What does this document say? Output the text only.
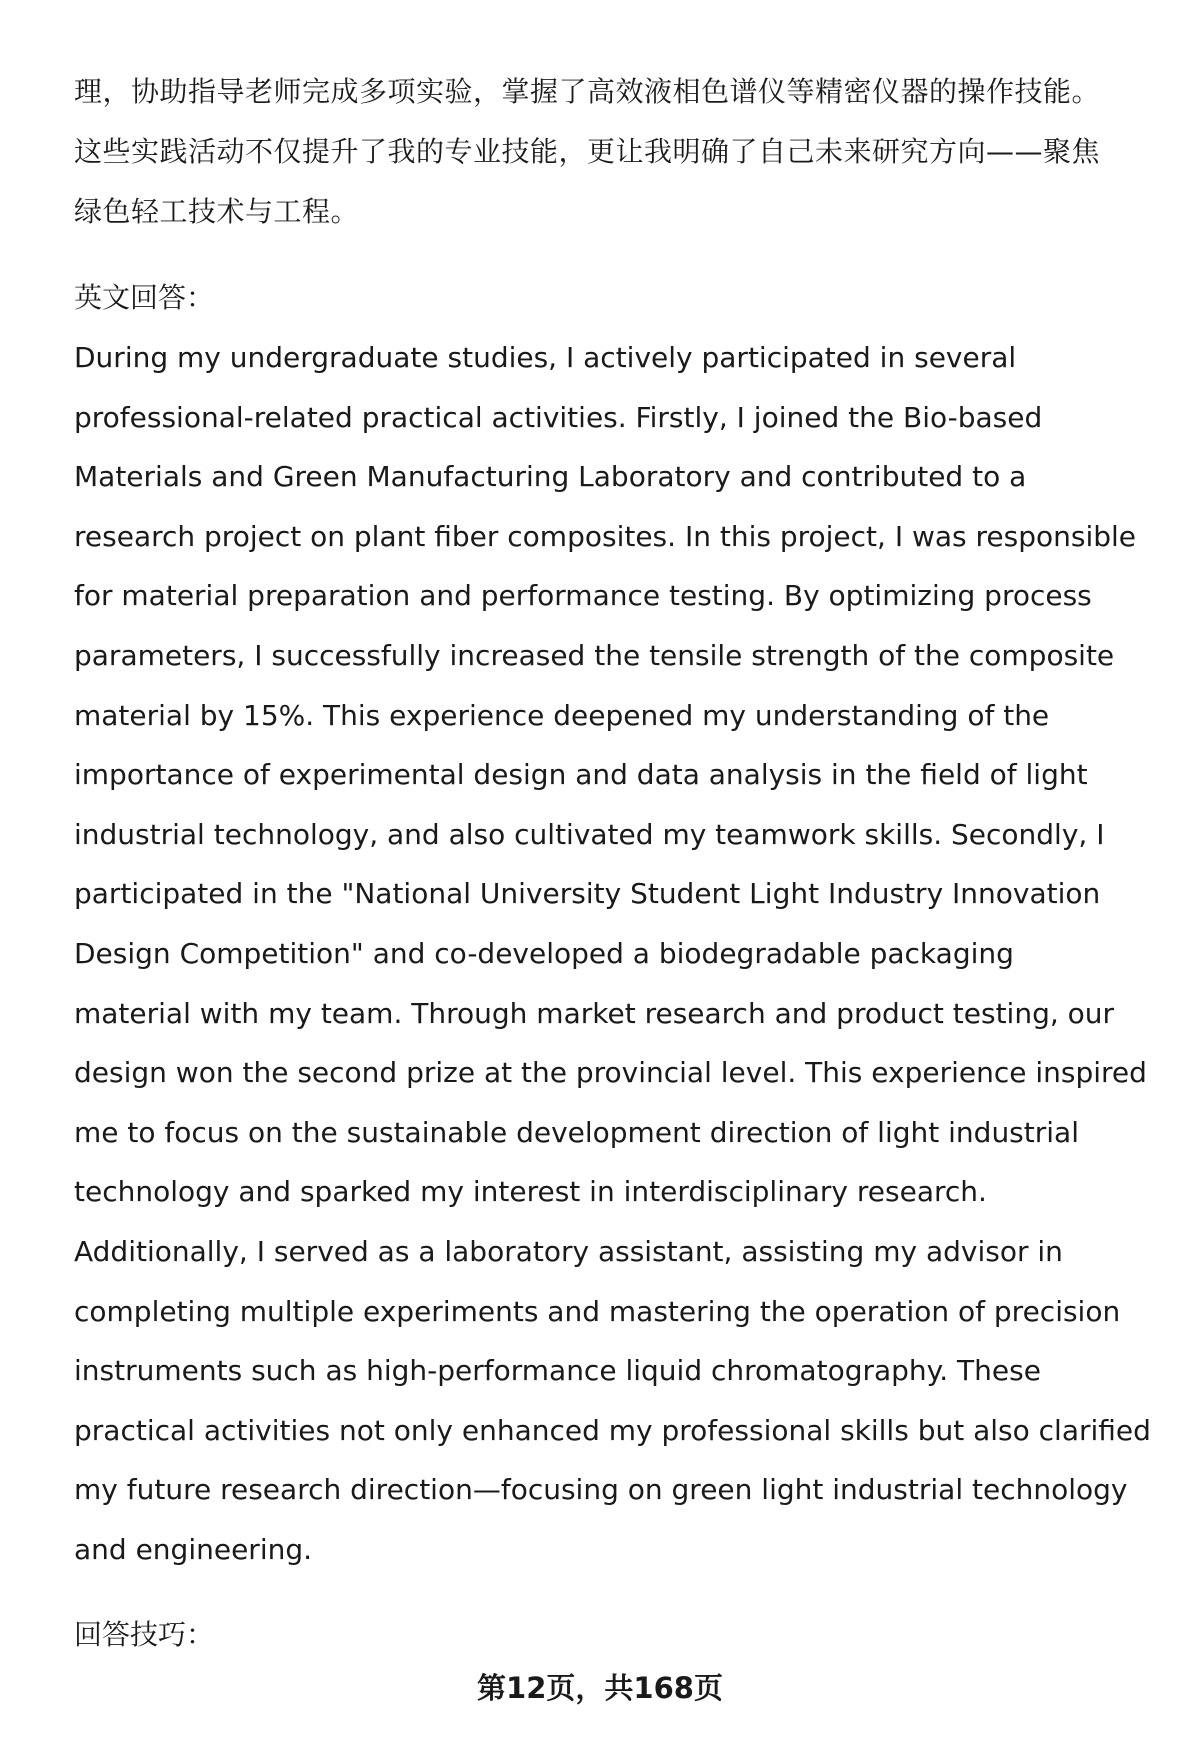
理，协助指导老师完成多项实验，掌握了高效液相色谱仪等精密仪器的操作技能。
这些实践活动不仅提升了我的专业技能，更让我明确了自己未来研究方向——聚焦
绿色轻工技术与工程。
英文回答：
During my undergraduate studies, I actively participated in several
professional-related practical activities. Firstly, I joined the Bio-based
Materials and Green Manufacturing Laboratory and contributed to a
research project on plant fiber composites. In this project, I was responsible
for material preparation and performance testing. By optimizing process
parameters, I successfully increased the tensile strength of the composite
material by 15%. This experience deepened my understanding of the
importance of experimental design and data analysis in the field of light
industrial technology, and also cultivated my teamwork skills. Secondly, I
participated in the "National University Student Light Industry Innovation
Design Competition" and co-developed a biodegradable packaging
material with my team. Through market research and product testing, our
design won the second prize at the provincial level. This experience inspired
me to focus on the sustainable development direction of light industrial
technology and sparked my interest in interdisciplinary research.
Additionally, I served as a laboratory assistant, assisting my advisor in
completing multiple experiments and mastering the operation of precision
instruments such as high-performance liquid chromatography. These
practical activities not only enhanced my professional skills but also clarified
my future research direction—focusing on green light industrial technology
and engineering.
回答技巧：
第12页，共168页
